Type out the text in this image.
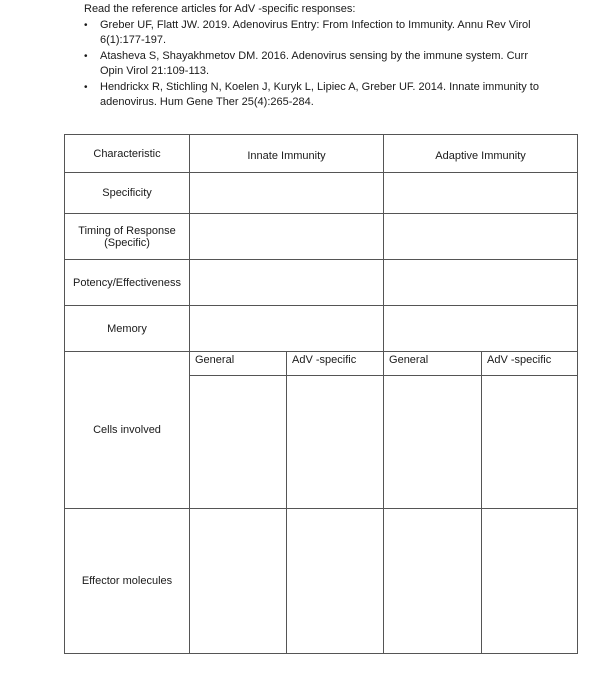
Read the reference articles for AdV -specific responses:
• Greber UF, Flatt JW. 2019. Adenovirus Entry: From Infection to Immunity. Annu Rev Virol 6(1):177-197.
• Atasheva S, Shayakhmetov DM. 2016. Adenovirus sensing by the immune system. Curr Opin Virol 21:109-113.
• Hendrickx R, Stichling N, Koelen J, Kuryk L, Lipiec A, Greber UF. 2014. Innate immunity to adenovirus. Hum Gene Ther 25(4):265-284.
Characteristic	Innate Immunity		Adaptive Immunity	
Specificity				
Timing of Response (Specific)				
Potency/Effectiveness				
Memory				
Cells involved	General	AdV -specific	General	AdV -specific

Effector molecules				
